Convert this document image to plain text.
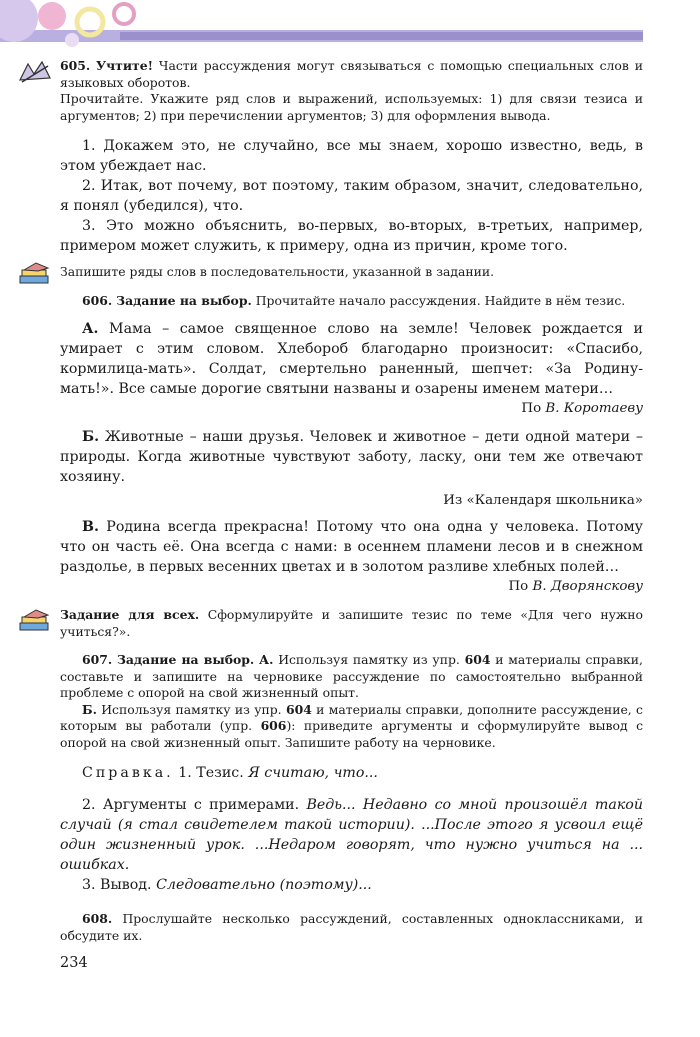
605. Учтите! Части рассуждения могут связываться с помощью специальных слов и языковых оборотов.

Прочитайте. Укажите ряд слов и выражений, используемых: 1) для связи тезиса и аргументов; 2) при перечислении аргументов; 3) для оформления вывода.

1. Докажем это, не случайно, все мы знаем, хорошо известно, ведь, в этом убеждает нас.

2. Итак, вот почему, вот поэтому, таким образом, значит, следовательно, я понял (убедился), что.

3. Это можно объяснить, во-первых, во-вторых, в-третьих, например, примером может служить, к примеру, одна из причин, кроме того.

Запишите ряды слов в последовательности, указанной в задании.

606. Задание на выбор. Прочитайте начало рассуждения. Найдите в нём тезис.

А. Мама – самое священное слово на земле! Человек рождается и умирает с этим словом. Хлебороб благодарно произносит: «Спасибо, кормилица-мать». Солдат, смертельно раненный, шепчет: «За Родину-мать!». Все самые дорогие святыни названы и озарены именем матери…

По В. Коротаеву

Б. Животные – наши друзья. Человек и животное – дети одной матери – природы. Когда животные чувствуют заботу, ласку, они тем же отвечают хозяину.

Из «Календаря школьника»

В. Родина всегда прекрасна! Потому что она одна у человека. Потому что он часть её. Она всегда с нами: в осеннем пламени лесов и в снежном раздолье, в первых весенних цветах и в золотом разливе хлебных полей…

По В. Дворянскову

Задание для всех. Сформулируйте и запишите тезис по теме «Для чего нужно учиться?».

607. Задание на выбор. А. Используя памятку из упр. 604 и материалы справки, составьте и запишите на черновике рассуждение по самостоятельно выбранной проблеме с опорой на свой жизненный опыт.

Б. Используя памятку из упр. 604 и материалы справки, дополните рассуждение, с которым вы работали (упр. 606): приведите аргументы и сформулируйте вывод с опорой на свой жизненный опыт. Запишите работу на черновике.

Справка. 1. Тезис. Я считаю, что...

2. Аргументы с примерами. Ведь... Недавно со мной произошёл такой случай (я стал свидетелем такой истории). ...После этого я усвоил ещё один жизненный урок. ...Недаром говорят, что нужно учиться на ... ошибках.

3. Вывод. Следовательно (поэтому)...

608. Прослушайте несколько рассуждений, составленных одноклассниками, и обсудите их.

234
